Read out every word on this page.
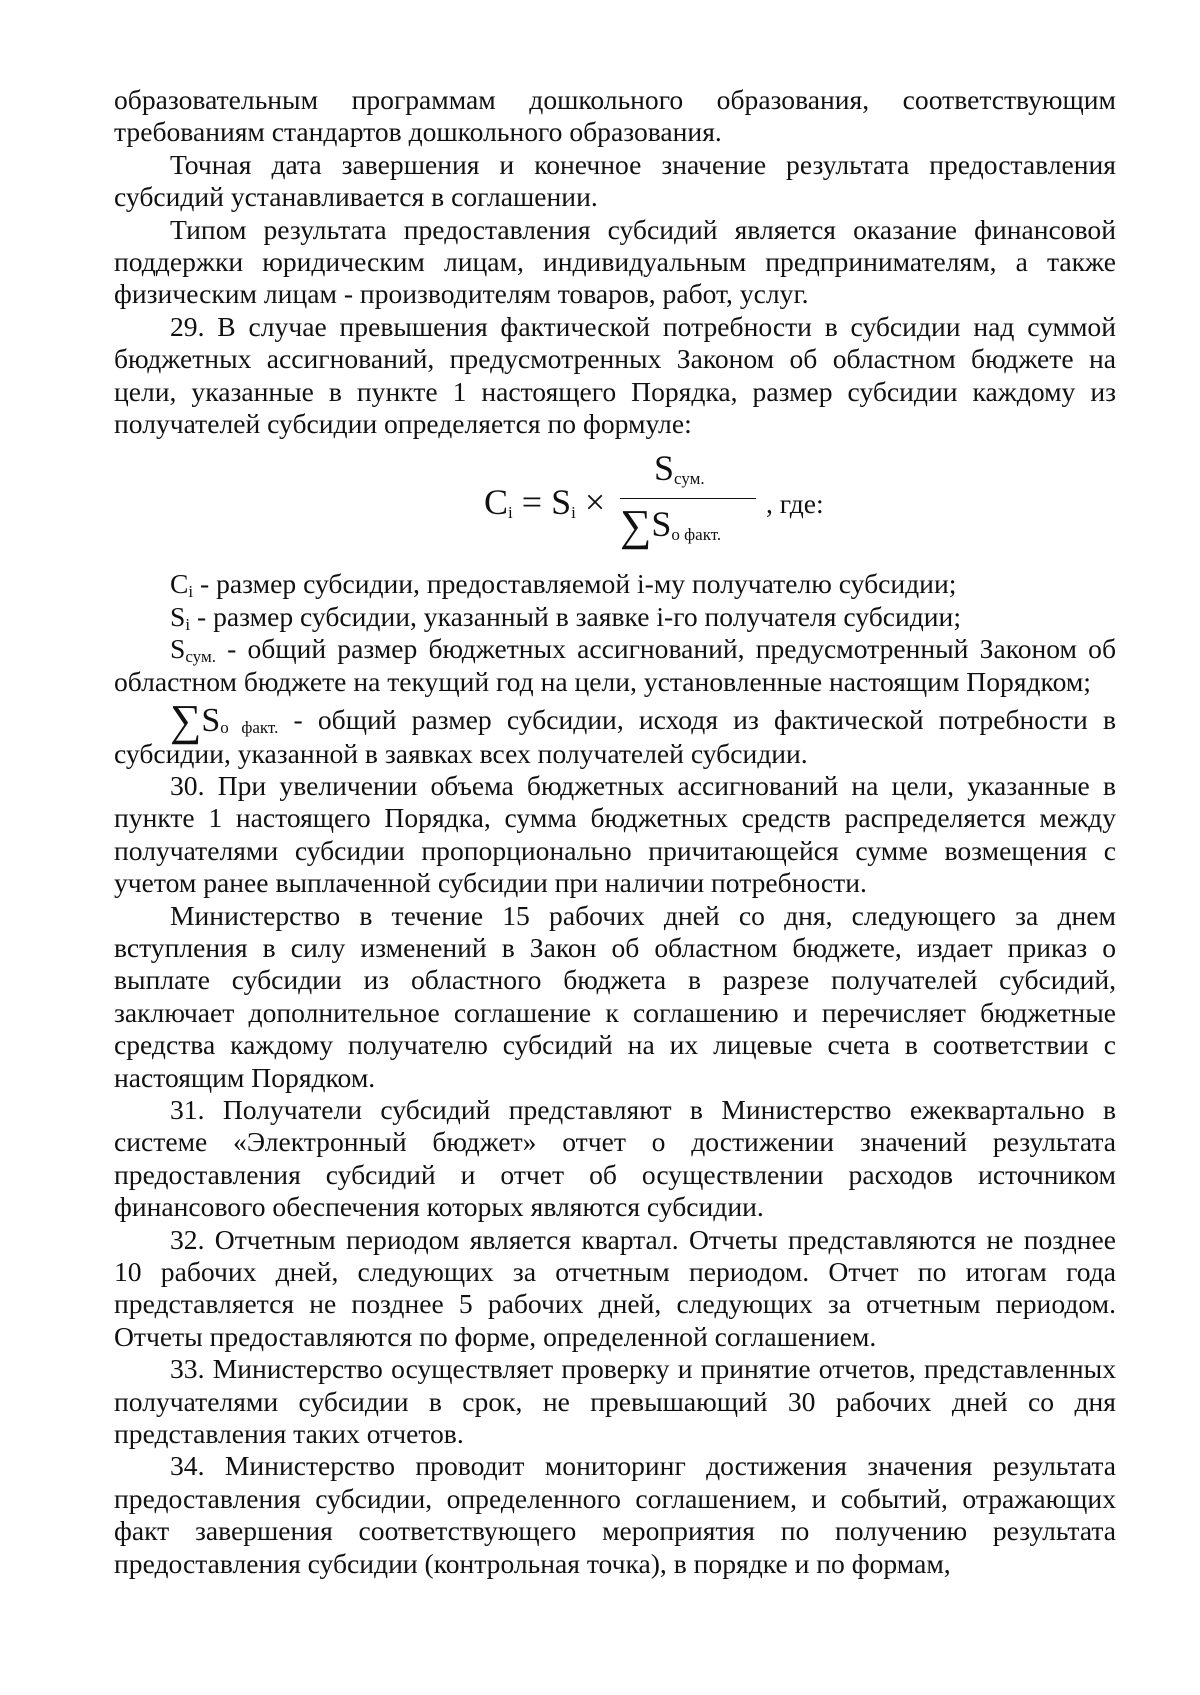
образовательным программам дошкольного образования, соответствующим требованиям стандартов дошкольного образования.

Точная дата завершения и конечное значение результата предоставления субсидий устанавливается в соглашении.

Типом результата предоставления субсидий является оказание финансовой поддержки юридическим лицам, индивидуальным предпринимателям, а также физическим лицам - производителям товаров, работ, услуг.

29. В случае превышения фактической потребности в субсидии над суммой бюджетных ассигнований, предусмотренных Законом об областном бюджете на цели, указанные в пункте 1 настоящего Порядка, размер субсидии каждому из получателей субсидии определяется по формуле:

$C_i = S_i$ ×
$S_{сум.}$
$\sum S_{о факт.}$
, где:

$C_i$ - размер субсидии, предоставляемой i-му получателю субсидии;

$S_i$ - размер субсидии, указанный в заявке i-го получателя субсидии;

$S_{сум.}$ - общий размер бюджетных ассигнований, предусмотренный Законом об областном бюджете на текущий год на цели, установленные настоящим Порядком;

$\sum S_{о факт.}$ - общий размер субсидии, исходя из фактической потребности в субсидии, указанной в заявках всех получателей субсидии.

30. При увеличении объема бюджетных ассигнований на цели, указанные в пункте 1 настоящего Порядка, сумма бюджетных средств распределяется между получателями субсидии пропорционально причитающейся сумме возмещения с учетом ранее выплаченной субсидии при наличии потребности.

Министерство в течение 15 рабочих дней со дня, следующего за днем вступления в силу изменений в Закон об областном бюджете, издает приказ о выплате субсидии из областного бюджета в разрезе получателей субсидий, заключает дополнительное соглашение к соглашению и перечисляет бюджетные средства каждому получателю субсидий на их лицевые счета в соответствии с настоящим Порядком.

31. Получатели субсидий представляют в Министерство ежеквартально в системе «Электронный бюджет» отчет о достижении значений результата предоставления субсидий и отчет об осуществлении расходов источником финансового обеспечения которых являются субсидии.

32. Отчетным периодом является квартал. Отчеты представляются не позднее 10 рабочих дней, следующих за отчетным периодом. Отчет по итогам года представляется не позднее 5 рабочих дней, следующих за отчетным периодом. Отчеты предоставляются по форме, определенной соглашением.

33. Министерство осуществляет проверку и принятие отчетов, представленных получателями субсидии в срок, не превышающий 30 рабочих дней со дня представления таких отчетов.

34. Министерство проводит мониторинг достижения значения результата предоставления субсидии, определенного соглашением, и событий, отражающих факт завершения соответствующего мероприятия по получению результата предоставления субсидии (контрольная точка), в порядке и по формам,
